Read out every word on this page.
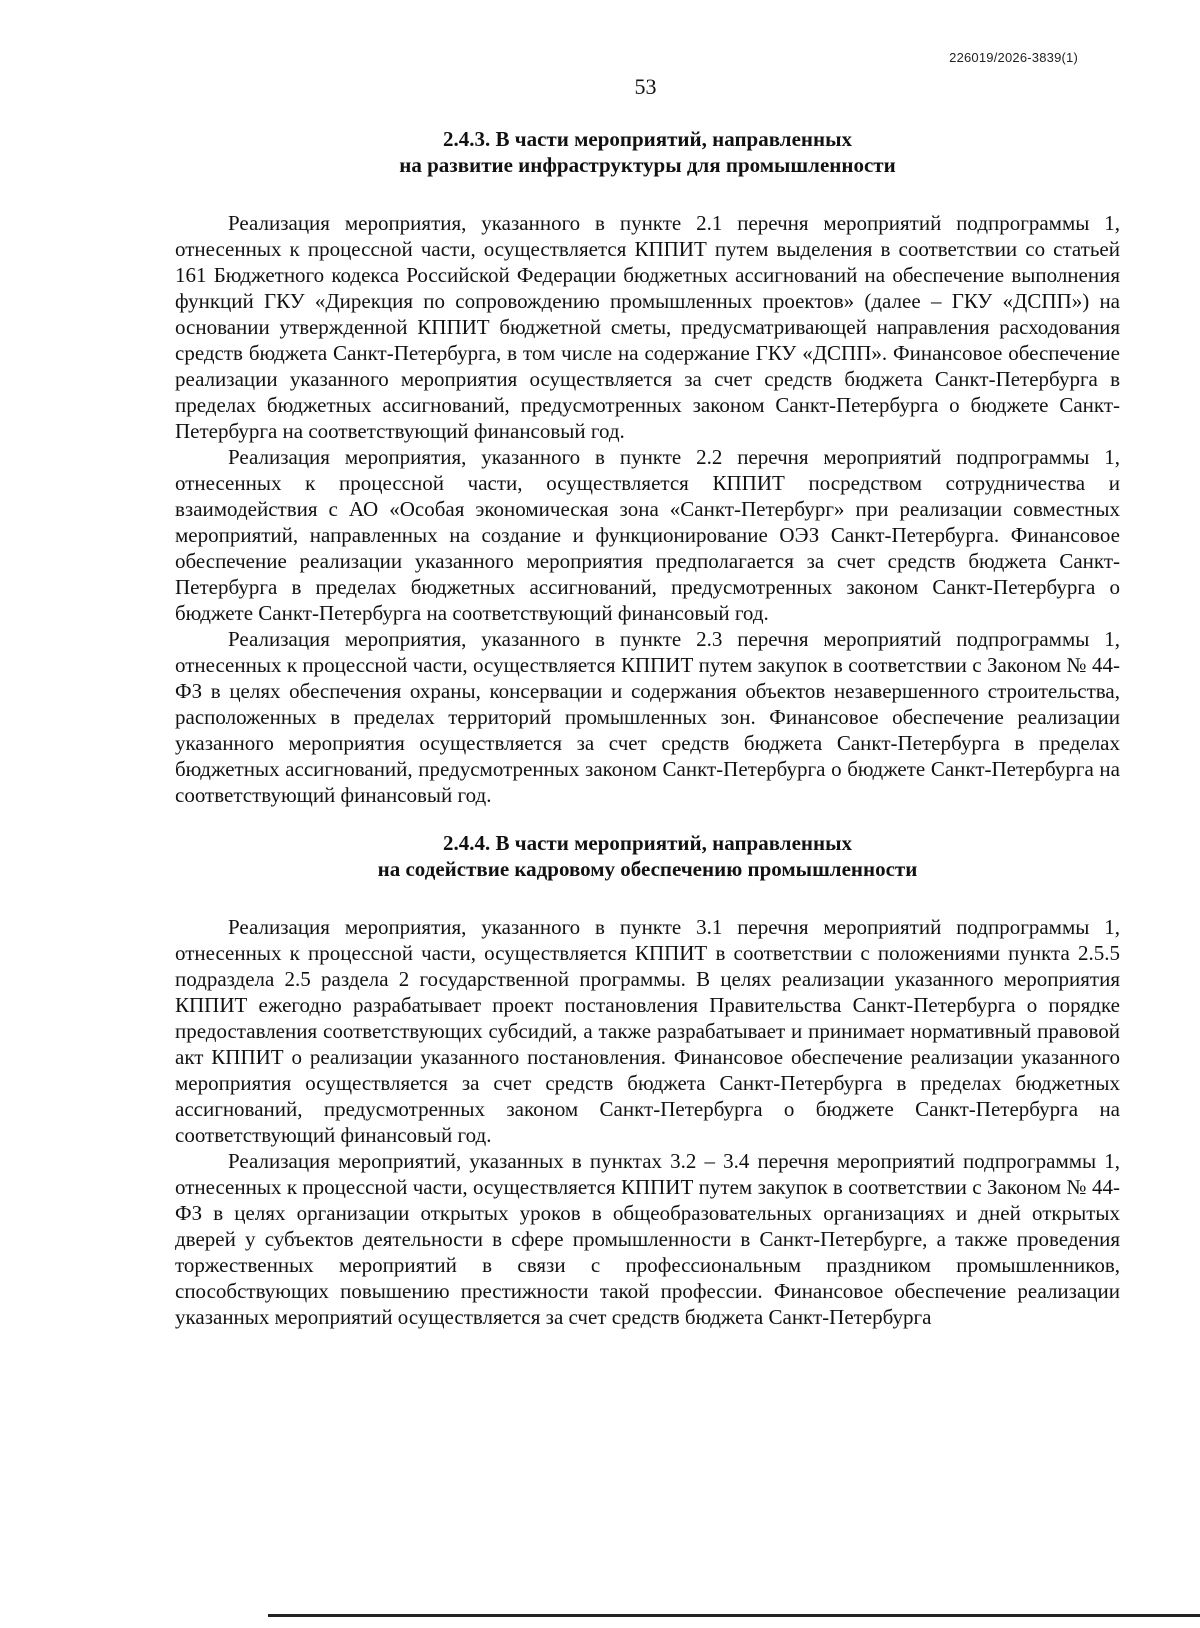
226019/2026-3839(1)
53
2.4.3. В части мероприятий, направленных
на развитие инфраструктуры для промышленности

Реализация мероприятия, указанного в пункте 2.1 перечня мероприятий подпрограммы 1, отнесенных к процессной части, осуществляется КППИТ путем выделения в соответствии со статьей 161 Бюджетного кодекса Российской Федерации бюджетных ассигнований на обеспечение выполнения функций ГКУ «Дирекция по сопровождению промышленных проектов» (далее – ГКУ «ДСПП») на основании утвержденной КППИТ бюджетной сметы, предусматривающей направления расходования средств бюджета Санкт-Петербурга, в том числе на содержание ГКУ «ДСПП». Финансовое обеспечение реализации указанного мероприятия осуществляется за счет средств бюджета Санкт-Петербурга в пределах бюджетных ассигнований, предусмотренных законом Санкт-Петербурга о бюджете Санкт-Петербурга на соответствующий финансовый год.

Реализация мероприятия, указанного в пункте 2.2 перечня мероприятий подпрограммы 1, отнесенных к процессной части, осуществляется КППИТ посредством сотрудничества и взаимодействия с АО «Особая экономическая зона «Санкт-Петербург» при реализации совместных мероприятий, направленных на создание и функционирование ОЭЗ Санкт-Петербурга. Финансовое обеспечение реализации указанного мероприятия предполагается за счет средств бюджета Санкт-Петербурга в пределах бюджетных ассигнований, предусмотренных законом Санкт-Петербурга о бюджете Санкт-Петербурга на соответствующий финансовый год.

Реализация мероприятия, указанного в пункте 2.3 перечня мероприятий подпрограммы 1, отнесенных к процессной части, осуществляется КППИТ путем закупок в соответствии с Законом № 44-ФЗ в целях обеспечения охраны, консервации и содержания объектов незавершенного строительства, расположенных в пределах территорий промышленных зон. Финансовое обеспечение реализации указанного мероприятия осуществляется за счет средств бюджета Санкт-Петербурга в пределах бюджетных ассигнований, предусмотренных законом Санкт-Петербурга о бюджете Санкт-Петербурга на соответствующий финансовый год.

2.4.4. В части мероприятий, направленных
на содействие кадровому обеспечению промышленности

Реализация мероприятия, указанного в пункте 3.1 перечня мероприятий подпрограммы 1, отнесенных к процессной части, осуществляется КППИТ в соответствии с положениями пункта 2.5.5 подраздела 2.5 раздела 2 государственной программы. В целях реализации указанного мероприятия КППИТ ежегодно разрабатывает проект постановления Правительства Санкт-Петербурга о порядке предоставления соответствующих субсидий, а также разрабатывает и принимает нормативный правовой акт КППИТ о реализации указанного постановления. Финансовое обеспечение реализации указанного мероприятия осуществляется за счет средств бюджета Санкт-Петербурга в пределах бюджетных ассигнований, предусмотренных законом Санкт-Петербурга о бюджете Санкт-Петербурга на соответствующий финансовый год.

Реализация мероприятий, указанных в пунктах 3.2 – 3.4 перечня мероприятий подпрограммы 1, отнесенных к процессной части, осуществляется КППИТ путем закупок в соответствии с Законом № 44-ФЗ в целях организации открытых уроков в общеобразовательных организациях и дней открытых дверей у субъектов деятельности в сфере промышленности в Санкт-Петербурге, а также проведения торжественных мероприятий в связи с профессиональным праздником промышленников, способствующих повышению престижности такой профессии. Финансовое обеспечение реализации указанных мероприятий осуществляется за счет средств бюджета Санкт-Петербурга
